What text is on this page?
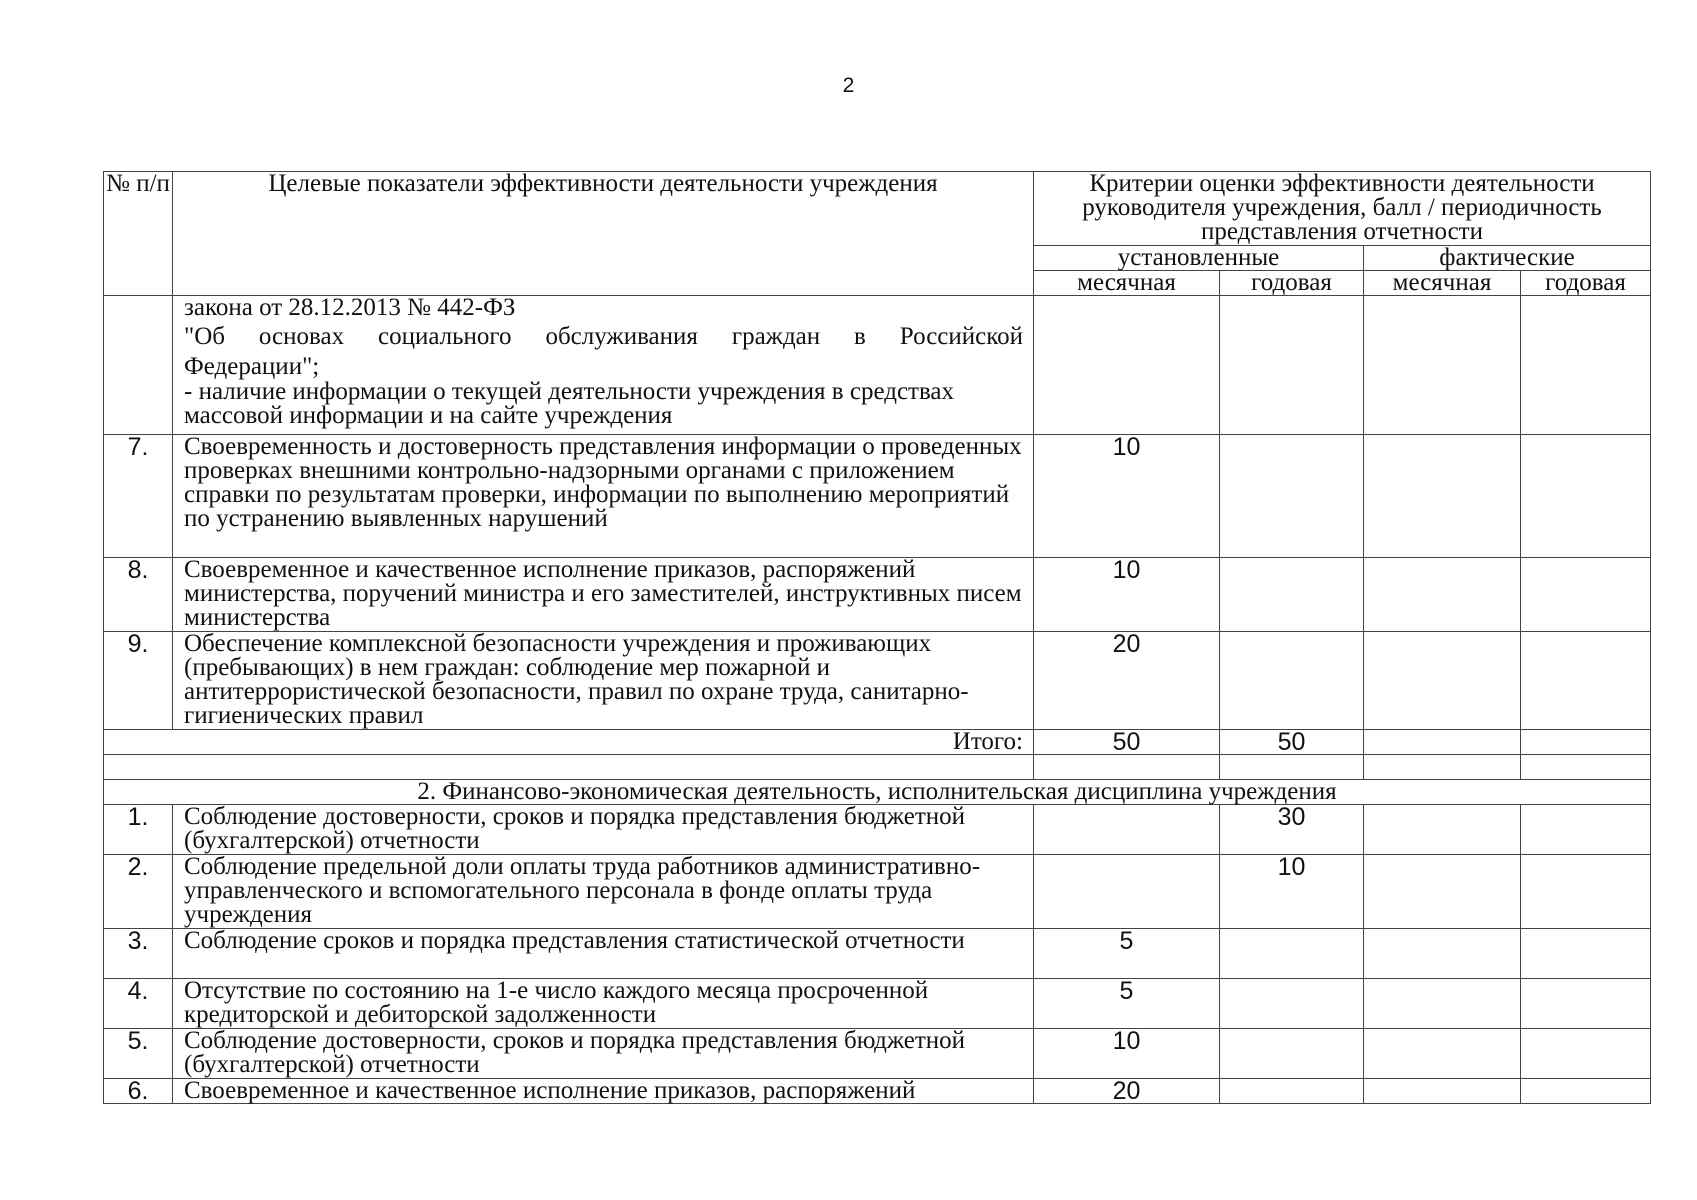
2
№ п/п	Целевые показатели эффективности деятельности учреждения	Критерии оценки эффективности деятельности руководителя учреждения, балл / периодичность представления отчетности			
		установленные		фактические	
		месячная	годовая	месячная	годовая

	закона от 28.12.2013 № 442-ФЗ
"Об основах социального обслуживания граждан в Российской
Федерации";
- наличие информации о текущей деятельности учреждения в средствах массовой информации и на сайте учреждения				

7.	Своевременность и достоверность представления информации о проведенных проверках внешними контрольно-надзорными органами с приложением справки по результатам проверки, информации по выполнению мероприятий по устранению выявленных нарушений	10			
8.	Своевременное и качественное исполнение приказов, распоряжений министерства, поручений министра и его заместителей, инструктивных писем министерства	10			
9.	Обеспечение комплексной безопасности учреждения и проживающих (пребывающих) в нем граждан: соблюдение мер пожарной и антитеррористической безопасности, правил по охране труда, санитарно-гигиенических правил	20			
Итого:		50	50		

2. Финансово-экономическая деятельность, исполнительская дисциплина учреждения					
1.	Соблюдение достоверности, сроков и порядка представления бюджетной (бухгалтерской) отчетности		30		
2.	Соблюдение предельной доли оплаты труда работников административно-управленческого и вспомогательного персонала в фонде оплаты труда учреждения		10		
3.	Соблюдение сроков и порядка представления статистической отчетности	5			
4.	Отсутствие по состоянию на 1-е число каждого месяца просроченной кредиторской и дебиторской задолженности	5			
5.	Соблюдение достоверности, сроков и порядка представления бюджетной (бухгалтерской) отчетности	10			
6.	Своевременное и качественное исполнение приказов, распоряжений	20			
